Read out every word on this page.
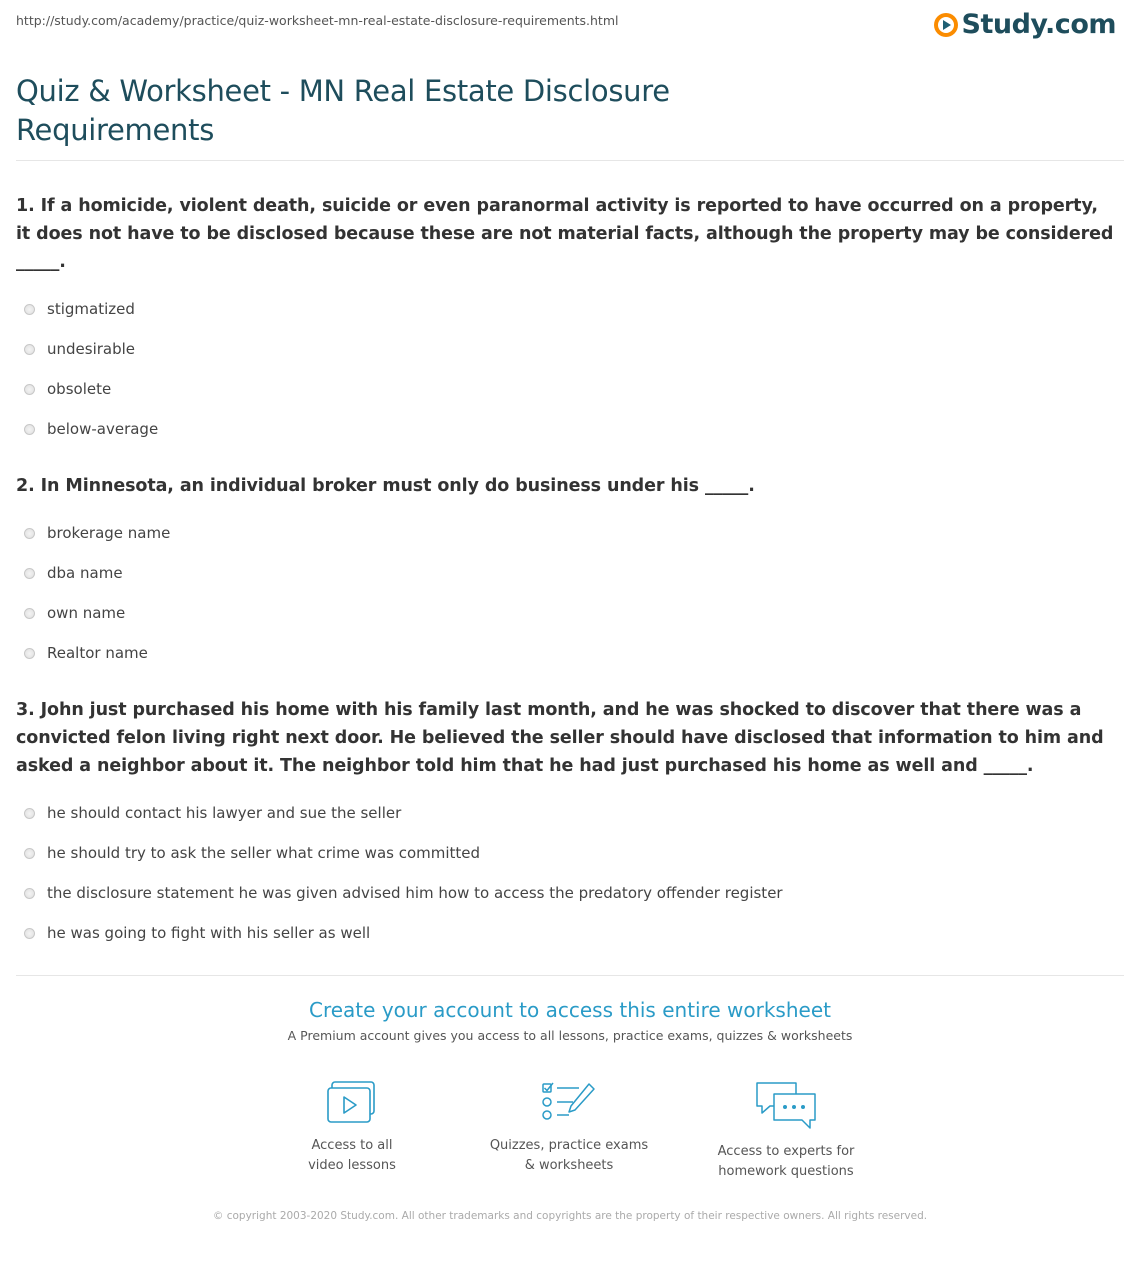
http://study.com/academy/practice/quiz-worksheet-mn-real-estate-disclosure-requirements.html	Study.com
Quiz & Worksheet - MN Real Estate Disclosure Requirements
1. If a homicide, violent death, suicide or even paranormal activity is reported to have occurred on a property, it does not have to be disclosed because these are not material facts, although the property may be considered _____.
stigmatized
undesirable
obsolete
below-average
2. In Minnesota, an individual broker must only do business under his _____.
brokerage name
dba name
own name
Realtor name
3. John just purchased his home with his family last month, and he was shocked to discover that there was a convicted felon living right next door. He believed the seller should have disclosed that information to him and asked a neighbor about it. The neighbor told him that he had just purchased his home as well and _____.
he should contact his lawyer and sue the seller
he should try to ask the seller what crime was committed
the disclosure statement he was given advised him how to access the predatory offender register
he was going to fight with his seller as well
Create your account to access this entire worksheet
A Premium account gives you access to all lessons, practice exams, quizzes & worksheets
Access to all
video lessons
Quizzes, practice exams
& worksheets
Access to experts for
homework questions

© copyright 2003-2020 Study.com. All other trademarks and copyrights are the property of their respective owners. All rights reserved.
